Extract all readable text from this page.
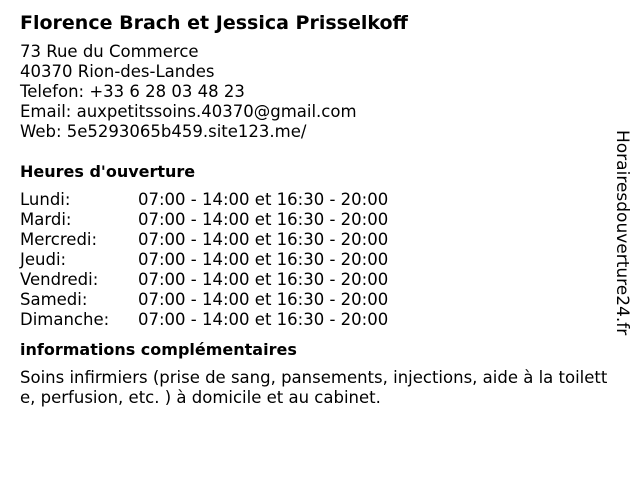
Florence Brach et Jessica Prisselkoff
73 Rue du Commerce
40370 Rion-des-Landes
Telefon: +33 6 28 03 48 23
Email: auxpetitssoins.40370@gmail.com
Web: 5e5293065b459.site123.me/
Heures d'ouverture
Lundi:	07:00 - 14:00 et 16:30 - 20:00
Mardi:	07:00 - 14:00 et 16:30 - 20:00
Mercredi:	07:00 - 14:00 et 16:30 - 20:00
Jeudi:	07:00 - 14:00 et 16:30 - 20:00
Vendredi:	07:00 - 14:00 et 16:30 - 20:00
Samedi:	07:00 - 14:00 et 16:30 - 20:00
Dimanche:	07:00 - 14:00 et 16:30 - 20:00
informations complémentaires
Soins infirmiers (prise de sang, pansements, injections, aide à la toilette, perfusion, etc. ) à domicile et au cabinet.
Horairesdouverture24.fr
